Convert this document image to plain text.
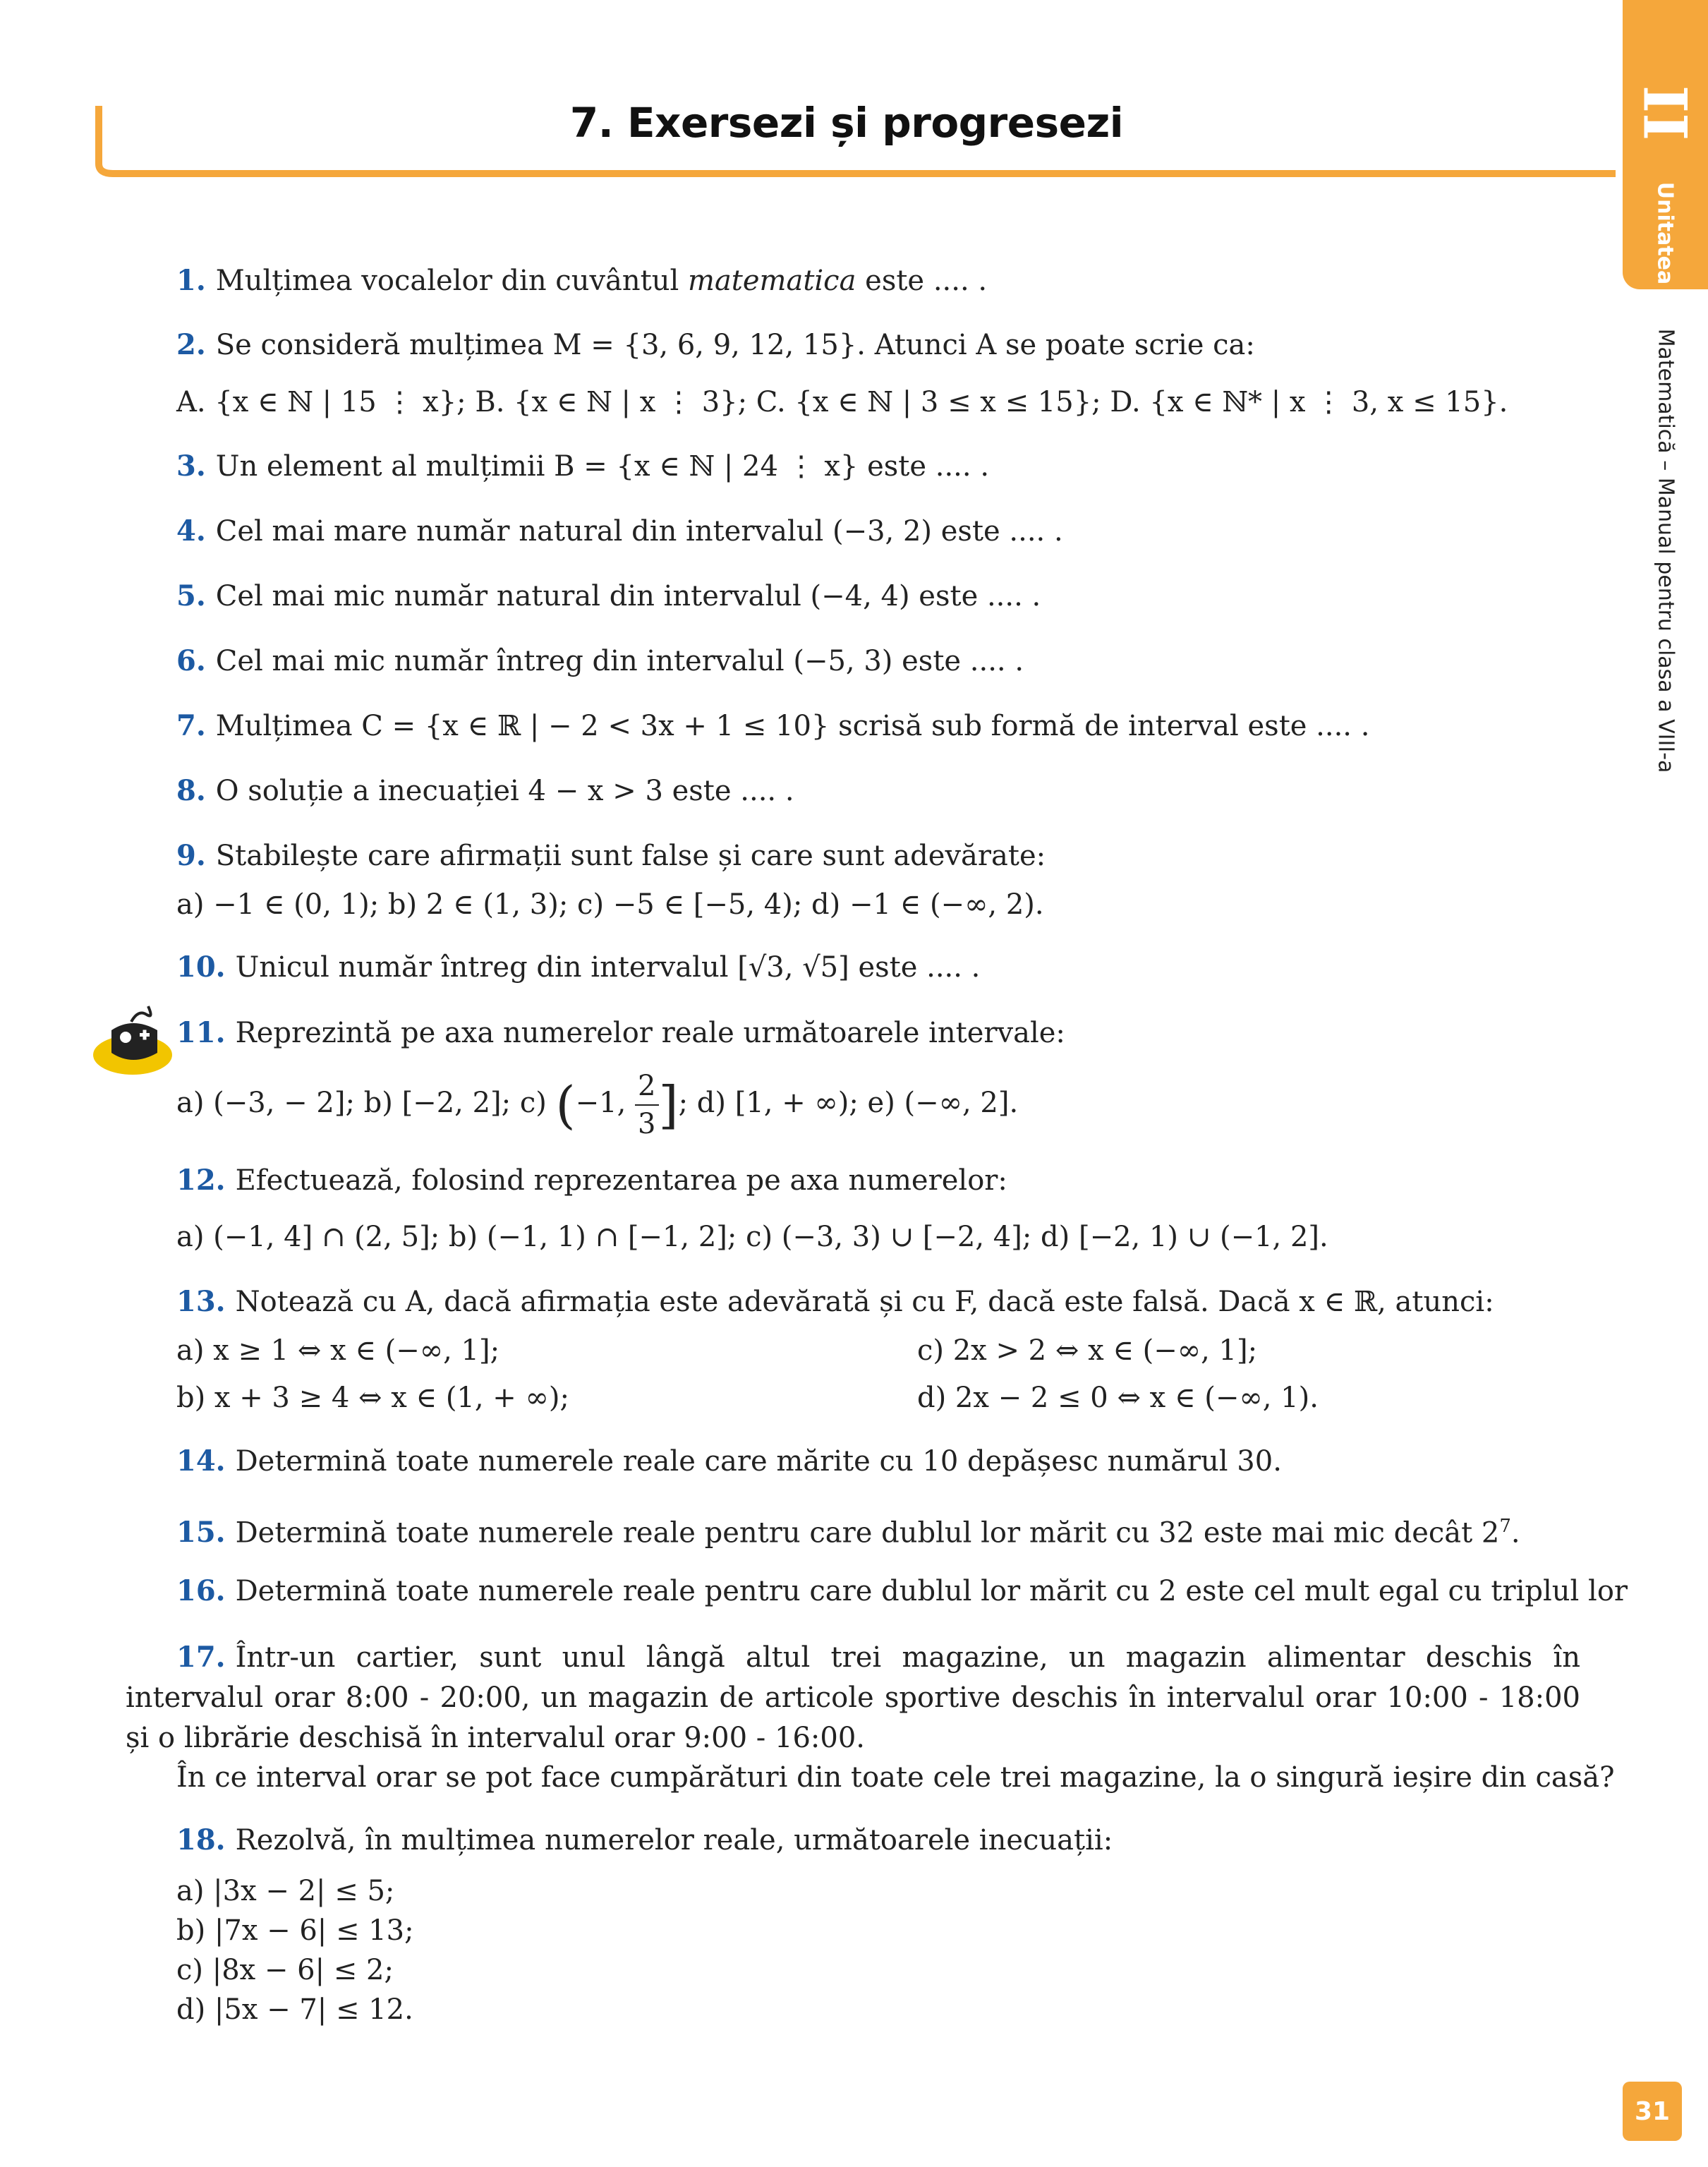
7. Exersezi și progresezi	II
Unitatea
Matematică – Manual pentru clasa a VIII-a
31
1. Mulțimea vocalelor din cuvântul matematica este .... .
2. Se consideră mulțimea M = {3, 6, 9, 12, 15}. Atunci A se poate scrie ca:
A. {x ∈ ℕ | 15 ⋮ x}; B. {x ∈ ℕ | x ⋮ 3}; C. {x ∈ ℕ | 3 ≤ x ≤ 15}; D. {x ∈ ℕ* | x ⋮ 3, x ≤ 15}.
3. Un element al mulțimii B = {x ∈ ℕ | 24 ⋮ x} este .... .
4. Cel mai mare număr natural din intervalul (−3, 2) este .... .
5. Cel mai mic număr natural din intervalul (−4, 4) este .... .
6. Cel mai mic număr întreg din intervalul (−5, 3) este .... .
7. Mulțimea C = {x ∈ ℝ | − 2 < 3x + 1 ≤ 10} scrisă sub formă de interval este .... .
8. O soluție a inecuației 4 − x > 3 este .... .
9. Stabilește care afirmații sunt false și care sunt adevărate:
a) −1 ∈ (0, 1); b) 2 ∈ (1, 3); c) −5 ∈ [−5, 4); d) −1 ∈ (−∞, 2).
10. Unicul număr întreg din intervalul [√3, √5] este .... .
11. Reprezintă pe axa numerelor reale următoarele intervale:
a) (−3, − 2]; b) [−2, 2]; c) (−1, $\frac{2}{3}$ ]; d) [1, + ∞); e) (−∞, 2].
12. Efectuează, folosind reprezentarea pe axa numerelor:
a) (−1, 4] ∩ (2, 5]; b) (−1, 1) ∩ [−1, 2]; c) (−3, 3) ∪ [−2, 4]; d) [−2, 1) ∪ (−1, 2].
13. Notează cu A, dacă afirmația este adevărată și cu F, dacă este falsă. Dacă x ∈ ℝ, atunci:
a) x ≥ 1 ⇔ x ∈ (−∞, 1];	c) 2x > 2 ⇔ x ∈ (−∞, 1];
b) x + 3 ≥ 4 ⇔ x ∈ (1, + ∞);	d) 2x − 2 ≤ 0 ⇔ x ∈ (−∞, 1).
14. Determină toate numerele reale care mărite cu 10 depășesc numărul 30.
15. Determină toate numerele reale pentru care dublul lor mărit cu 32 este mai mic decât $2^7$.
16. Determină toate numerele reale pentru care dublul lor mărit cu 2 este cel mult egal cu triplul lor
17. Într-un cartier, sunt unul lângă altul trei magazine, un magazin alimentar deschis în intervalul orar 8:00 - 20:00, un magazin de articole sportive deschis în intervalul orar 10:00 - 18:00 și o librărie deschisă în intervalul orar 9:00 - 16:00.
În ce interval orar se pot face cumpărături din toate cele trei magazine, la o singură ieșire din casă?
18. Rezolvă, în mulțimea numerelor reale, următoarele inecuații:
a) |3x − 2| ≤ 5;
b) |7x − 6| ≤ 13;
c) |8x − 6| ≤ 2;
d) |5x − 7| ≤ 12.
